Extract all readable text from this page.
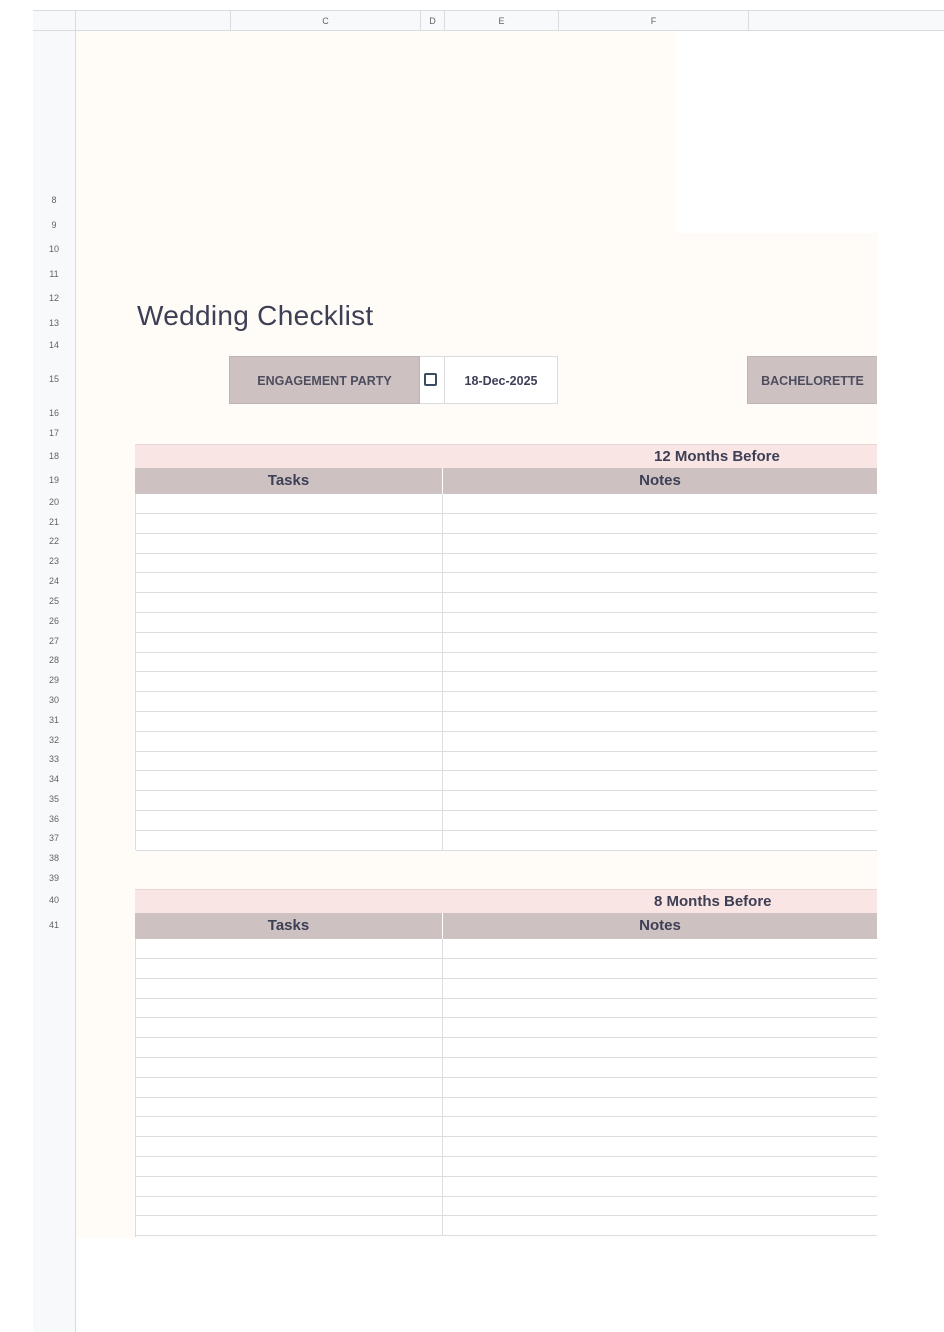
C	D	E	F
8
9
10
11
12
13
14
15
16
17
18
19
20
21
22
23
24
25
26
27
28
29
30
31
32
33
34
35
36
37
38
39
40
41
Wedding Checklist
ENGAGEMENT PARTY	18-Dec-2025	BACHELORETTE
12 Months Before
Tasks	Notes
8 Months Before
Tasks	Notes
